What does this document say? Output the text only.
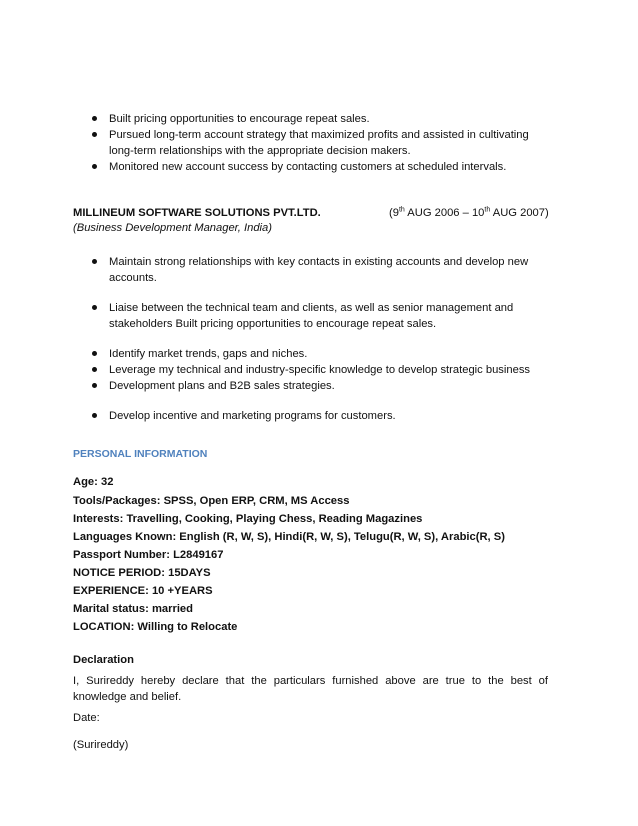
Built pricing opportunities to encourage repeat sales.
Pursued long-term account strategy that maximized profits and assisted in cultivating long-term relationships with the appropriate decision makers.
Monitored new account success by contacting customers at scheduled intervals.
MILLINEUM SOFTWARE SOLUTIONS PVT.LTD.	(9th AUG 2006 – 10th AUG 2007)
(Business Development Manager, India)
Maintain strong relationships with key contacts in existing accounts and develop new accounts.
Liaise between the technical team and clients, as well as senior management and stakeholders Built pricing opportunities to encourage repeat sales.
Identify market trends, gaps and niches.
Leverage my technical and industry-specific knowledge to develop strategic business
Development plans and B2B sales strategies.
Develop incentive and marketing programs for customers.
PERSONAL INFORMATION
Age: 32
Tools/Packages: SPSS, Open ERP, CRM, MS Access
Interests: Travelling, Cooking, Playing Chess, Reading Magazines
Languages Known: English (R, W, S), Hindi(R, W, S), Telugu(R, W, S), Arabic(R, S)
Passport Number: L2849167
NOTICE PERIOD: 15DAYS
EXPERIENCE: 10 +YEARS
Marital status: married
LOCATION: Willing to Relocate
Declaration
I, Surireddy hereby declare that the particulars furnished above are true to the best of knowledge and belief.
Date:
(Surireddy)
